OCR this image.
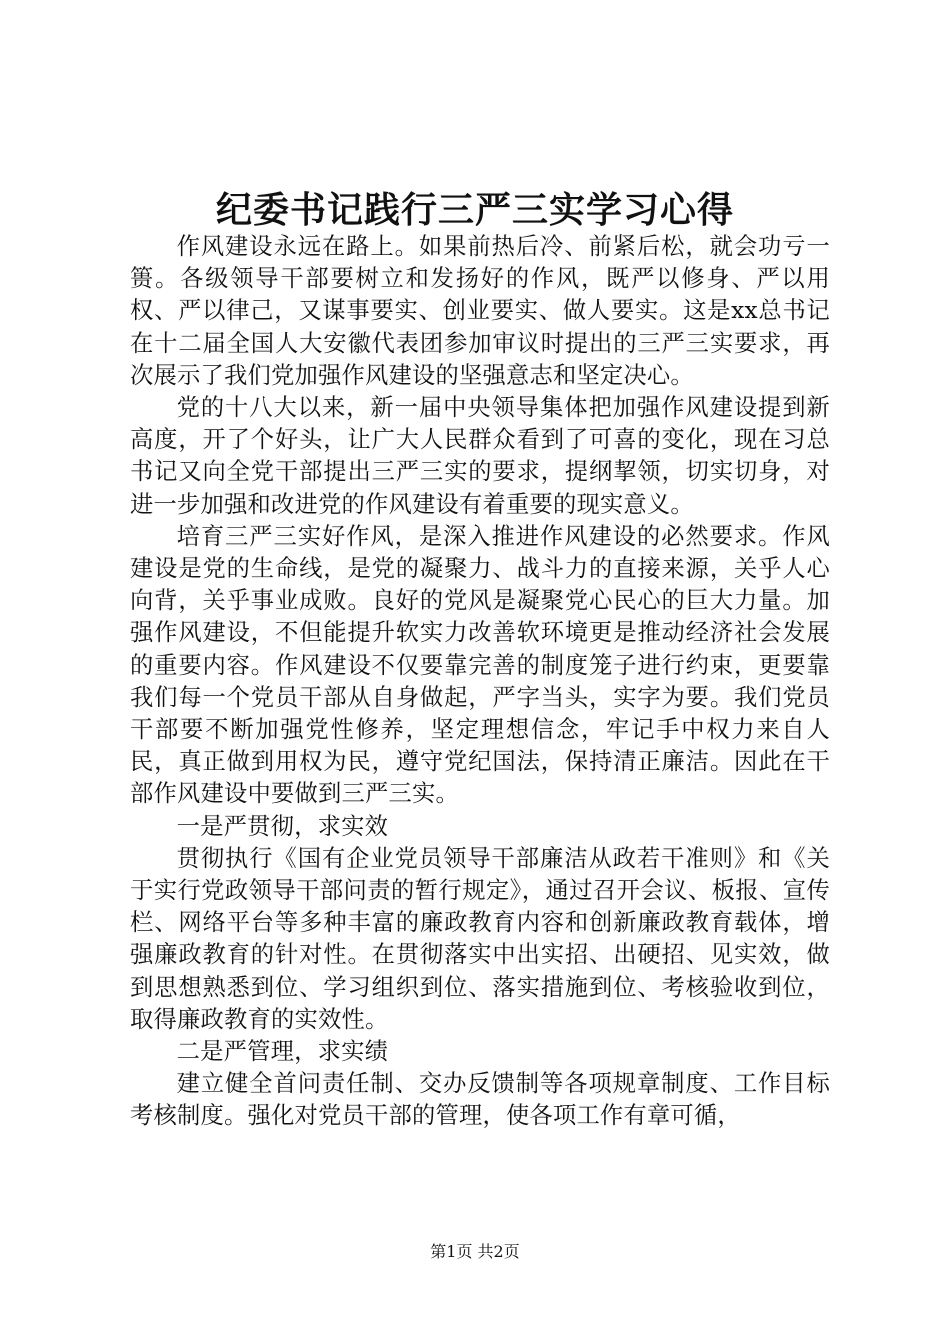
纪委书记践行三严三实学习心得

作风建设永远在路上。如果前热后冷、前紧后松，就会功亏一篑。各级领导干部要树立和发扬好的作风，既严以修身、严以用权、严以律己，又谋事要实、创业要实、做人要实。这是xx总书记在十二届全国人大安徽代表团参加审议时提出的三严三实要求，再次展示了我们党加强作风建设的坚强意志和坚定决心。

党的十八大以来，新一届中央领导集体把加强作风建设提到新高度，开了个好头，让广大人民群众看到了可喜的变化，现在习总书记又向全党干部提出三严三实的要求，提纲挈领，切实切身，对进一步加强和改进党的作风建设有着重要的现实意义。

培育三严三实好作风，是深入推进作风建设的必然要求。作风建设是党的生命线，是党的凝聚力、战斗力的直接来源，关乎人心向背，关乎事业成败。良好的党风是凝聚党心民心的巨大力量。加强作风建设，不但能提升软实力改善软环境更是推动经济社会发展的重要内容。作风建设不仅要靠完善的制度笼子进行约束，更要靠我们每一个党员干部从自身做起，严字当头，实字为要。我们党员干部要不断加强党性修养，坚定理想信念，牢记手中权力来自人民，真正做到用权为民，遵守党纪国法，保持清正廉洁。因此在干部作风建设中要做到三严三实。

一是严贯彻，求实效

贯彻执行《国有企业党员领导干部廉洁从政若干准则》和《关于实行党政领导干部问责的暂行规定》，通过召开会议、板报、宣传栏、网络平台等多种丰富的廉政教育内容和创新廉政教育载体，增强廉政教育的针对性。在贯彻落实中出实招、出硬招、见实效，做到思想熟悉到位、学习组织到位、落实措施到位、考核验收到位，取得廉政教育的实效性。

二是严管理，求实绩

建立健全首问责任制、交办反馈制等各项规章制度、工作目标考核制度。强化对党员干部的管理，使各项工作有章可循，

第1页 共2页
